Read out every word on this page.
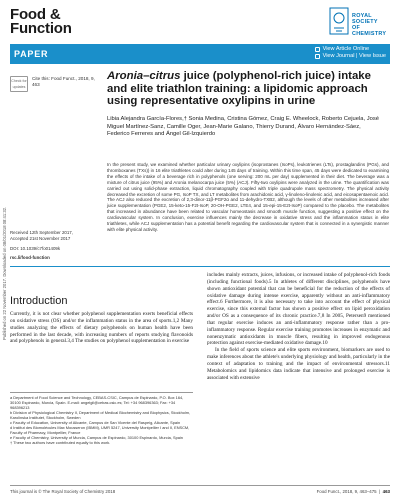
Published on 22 November 2017. Downloaded on 08/01/2018 08:41:32.
Food &
Function
ROYAL SOCIETY
OF CHEMISTRY
PAPER	View Article Online
View Journal | View Issue
Check for updates
Cite this: Food Funct., 2018, 9, 463
Aronia–citrus juice (polyphenol-rich juice) intake and elite triathlon training: a lipidomic approach using representative oxylipins in urine
Libia Alejandra García-Flores,† Sonia Medina, Cristina Gómez, Craig E. Wheelock, Roberto Cejuela, José Miguel Martínez-Sanz, Camille Oger, Jean-Marie Galano, Thierry Durand, Álvaro Hernández-Sáez, Federico Ferreres and Ángel Gil-Izquierdo
In the present study, we examined whether particular urinary oxylipins (isoprostanes (IsoPs), leukotrienes (LTs), prostaglandins (PGs), and thromboxanes (TXs)) in 16 elite triathletes could alter during 145 days of training. Within this time span, 45 days were dedicated to examining the effects of the intake of a beverage rich in polyphenols (one serving: 200 mL per day) supplemented in their diet. The beverage was a mixture of citrus juice (95%) and Aronia melanocarpa juice (5%) (ACJ). Fifty-two oxylipins were analyzed in the urine. The quantification was carried out using solid-phase extraction, liquid chromatography coupled with triple quadrupole mass spectrometry. The physical activity decreased the excretion of some PG, IsoP TX, and LT metabolites from arachidonic acid, γ-linoleno-linolenic acid, and eicosapentaenoic acid. The ACJ also reduced the excretion of 2,3-dinor-11β-PGF2α and 11-dehydro-TXB2, although the levels of other metabolites increased after juice supplementation (PGE2, 15-keto-15-F2t-IsoP, 20-OH-PGE2, LTE4, and 15-epi-15-E2t-IsoP) compared to the placebo. The metabolites that increased in abundance have been related to vascular homeostasis and smooth muscle function, suggesting a positive effect on the cardiovascular system. In conclusion, exercise influences mainly the decrease in oxidative stress and the inflammation status in elite triathletes, while ACJ supplementation has a potential benefit regarding the cardiovascular system that is connected in a synergistic manner with elite physical activity.
Received 12th September 2017,
Accepted 21st November 2017
DOI: 10.1039/c7fo01409k
rsc.li/food-function
Introduction
Currently, it is not clear whether polyphenol supplementation exerts beneficial effects on oxidative stress (OS) and/or the inflammation status in the area of sports.1,2 Many studies analyzing the effects of dietary polyphenols on human health have been performed in the last decade, with increasing numbers of reports studying flavonoids and polyphenols in general.3,4 The studies on polyphenol supplementation in exercise

includes mainly extracts, juices, infusions, or increased intake of polyphenol-rich foods (including functional foods).5 In athletes of different disciplines, polyphenols have shown antioxidant potential that can be beneficial for the reduction of the effects of oxidative damage during intense exercise, apparently without an anti-inflammatory effect.6 Furthermore, it is also necessary to take into account the effect of physical exercise, since this external factor has shown a positive effect on lipid peroxidation and/or OS as a consequence of its chronic practice.7,8 In 2005, Petersen9 mentioned that regular exercise induces an anti-inflammatory response rather than a pro-inflammatory response. Regular exercise training promotes increases in enzymatic and nonenzymatic antioxidants in muscle fibers, resulting in improved endogenous protection against exercise-mediated oxidative damage.10

In the field of sports science and elite sports environment, biomarkers are used to make inferences about the athlete's underlying physiology and health, particularly in the context of adaptation to training and the impact of environmental stressors.11 Metabolomics and lipidomics data indicate that intensive and prolonged exercise is associated with extensive

a Department of Food Science and Technology, CEBAS-CSIC, Campus de Espinardo, P.O. Box 164, 30100 Espinardo, Murcia, Spain. E-mail: angelgil@cebas.csic.es; Tel: +34 968396363; Fax: +34 968396213
b Division of Physiological Chemistry II, Department of Medical Biochemistry and Biophysics, Stockholm, Karolinska Institutet, Stockholm, Sweden
c Faculty of Education, University of Alicante, Campus de San Vicente del Raspeig, Alicante, Spain
d Institut des Biomolécules Max Mousseron (IBMM), UMR 5247, University Montpellier I and II, ENSCM, Faculty of Pharmacy, Montpellier, France
e Faculty of Chemistry, University of Murcia, Campus de Espinardo, 30100 Espinardo, Murcia, Spain
† These two authors have contributed equally to this work.
This journal is © The Royal Society of Chemistry 2018	Food Funct., 2018, 9, 463–475  |  463
